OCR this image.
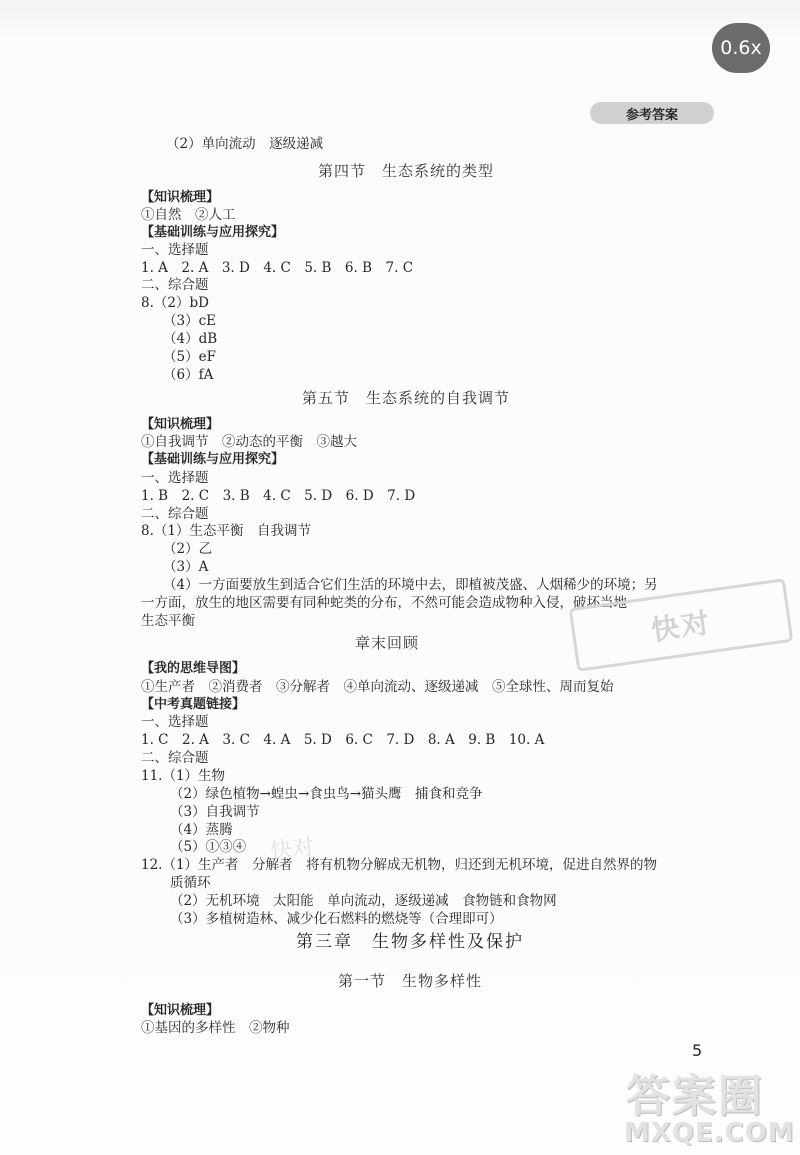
0.6x
参考答案
（2）单向流动　逐级递减
第四节　生态系统的类型
【知识梳理】
①自然　②人工
【基础训练与应用探究】
一、选择题
1. A　2. A　3. D　4. C　5. B　6. B　7. C
二、综合题
8.（2）bD
（3）cE
（4）dB
（5）eF
（6）fA
第五节　生态系统的自我调节
【知识梳理】
①自我调节　②动态的平衡　③越大
【基础训练与应用探究】
一、选择题
1. B　2. C　3. B　4. C　5. D　6. D　7. D
二、综合题
8.（1）生态平衡　自我调节
（2）乙
（3）A
（4）一方面要放生到适合它们生活的环境中去，即植被茂盛、人烟稀少的环境；另
一方面，放生的地区需要有同种蛇类的分布，不然可能会造成物种入侵，破坏当地
生态平衡
章末回顾
【我的思维导图】
①生产者　②消费者　③分解者　④单向流动、逐级递减　⑤全球性、周而复始
【中考真题链接】
一、选择题
1. C　2. A　3. C　4. A　5. D　6. C　7. D　8. A　9. B　10. A
二、综合题
11.（1）生物
（2）绿色植物→蝗虫→食虫鸟→猫头鹰　捕食和竞争
（3）自我调节
（4）蒸腾
（5）①③④
12.（1）生产者　分解者　将有机物分解成无机物，归还到无机环境，促进自然界的物
质循环
（2）无机环境　太阳能　单向流动，逐级递减　食物链和食物网
（3）多植树造林、减少化石燃料的燃烧等（合理即可）
第三章　生物多样性及保护
第一节　生物多样性
【知识梳理】
①基因的多样性　②物种
快对
快对
5
答案圈
MXQE.COM
